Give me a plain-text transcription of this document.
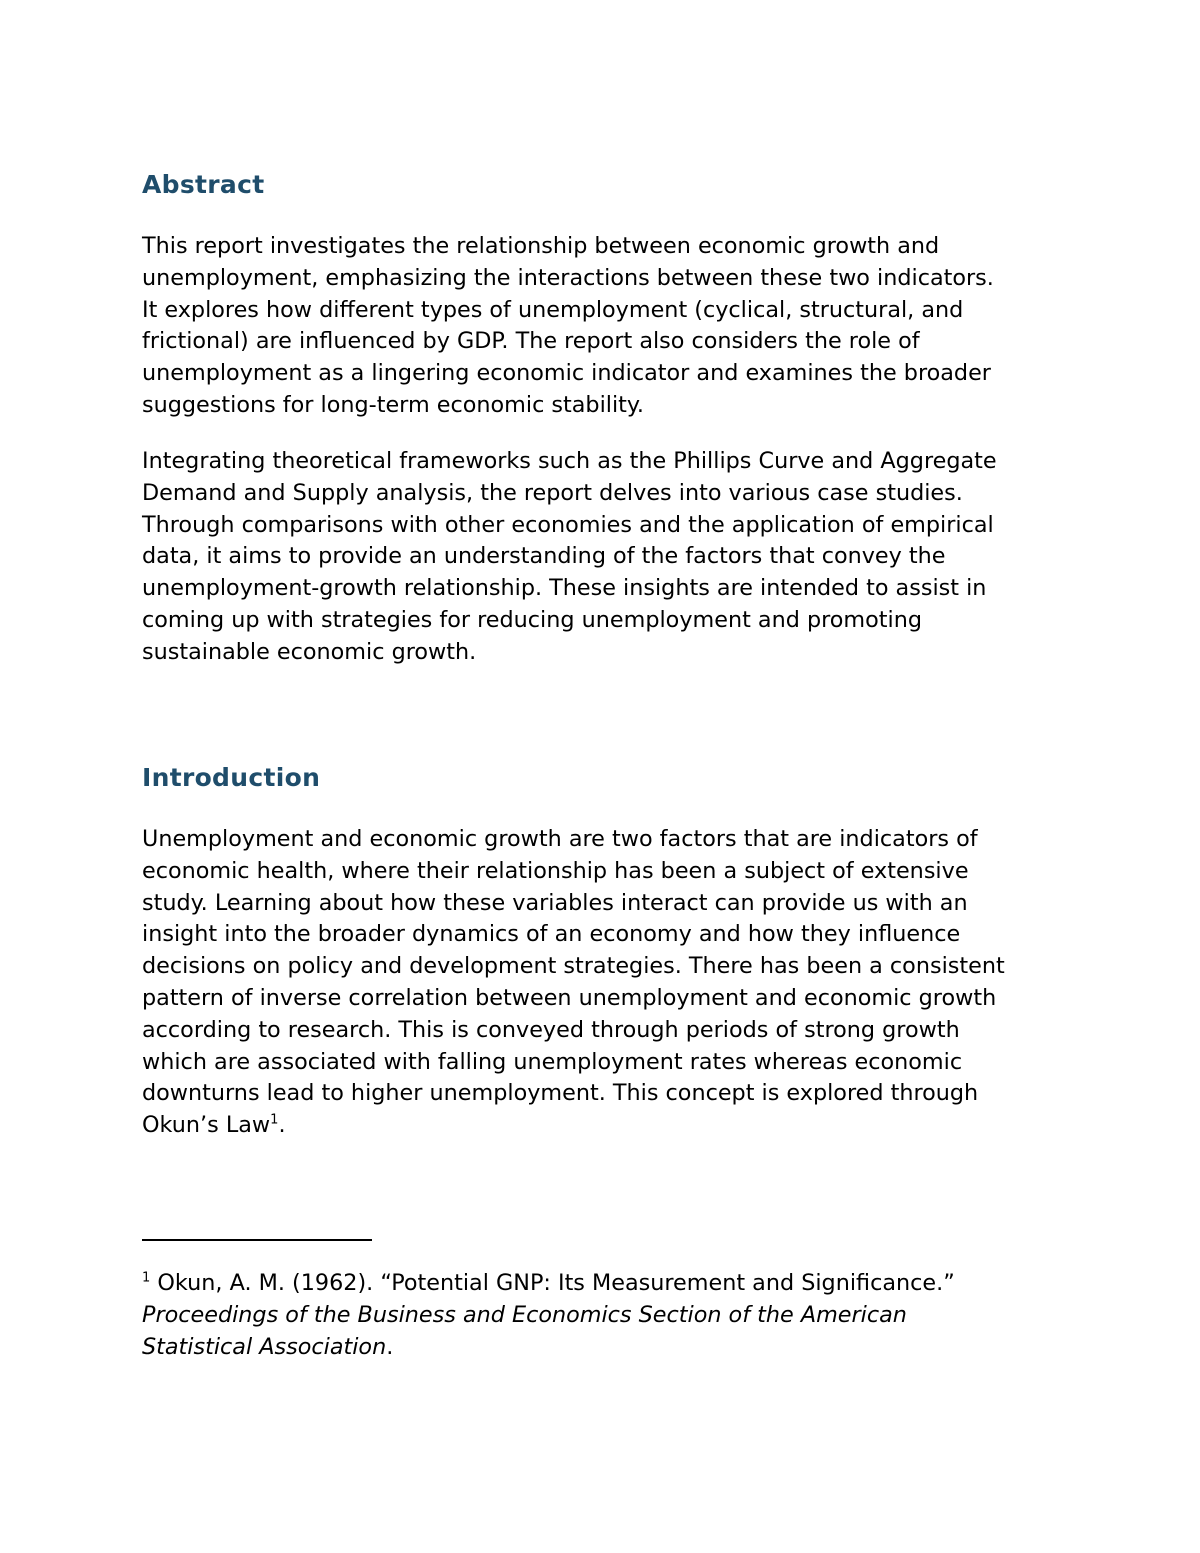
Abstract

This report investigates the relationship between economic growth and
unemployment, emphasizing the interactions between these two indicators.
It explores how different types of unemployment (cyclical, structural, and
frictional) are influenced by GDP. The report also considers the role of
unemployment as a lingering economic indicator and examines the broader
suggestions for long-term economic stability.

Integrating theoretical frameworks such as the Phillips Curve and Aggregate
Demand and Supply analysis, the report delves into various case studies.
Through comparisons with other economies and the application of empirical
data, it aims to provide an understanding of the factors that convey the
unemployment-growth relationship. These insights are intended to assist in
coming up with strategies for reducing unemployment and promoting
sustainable economic growth.

Introduction

Unemployment and economic growth are two factors that are indicators of
economic health, where their relationship has been a subject of extensive
study. Learning about how these variables interact can provide us with an
insight into the broader dynamics of an economy and how they influence
decisions on policy and development strategies. There has been a consistent
pattern of inverse correlation between unemployment and economic growth
according to research. This is conveyed through periods of strong growth
which are associated with falling unemployment rates whereas economic
downturns lead to higher unemployment. This concept is explored through
Okun’s Law$^1$.

$^1$ Okun, A. M. (1962). “Potential GNP: Its Measurement and Significance.”
Proceedings of the Business and Economics Section of the American
Statistical Association.
